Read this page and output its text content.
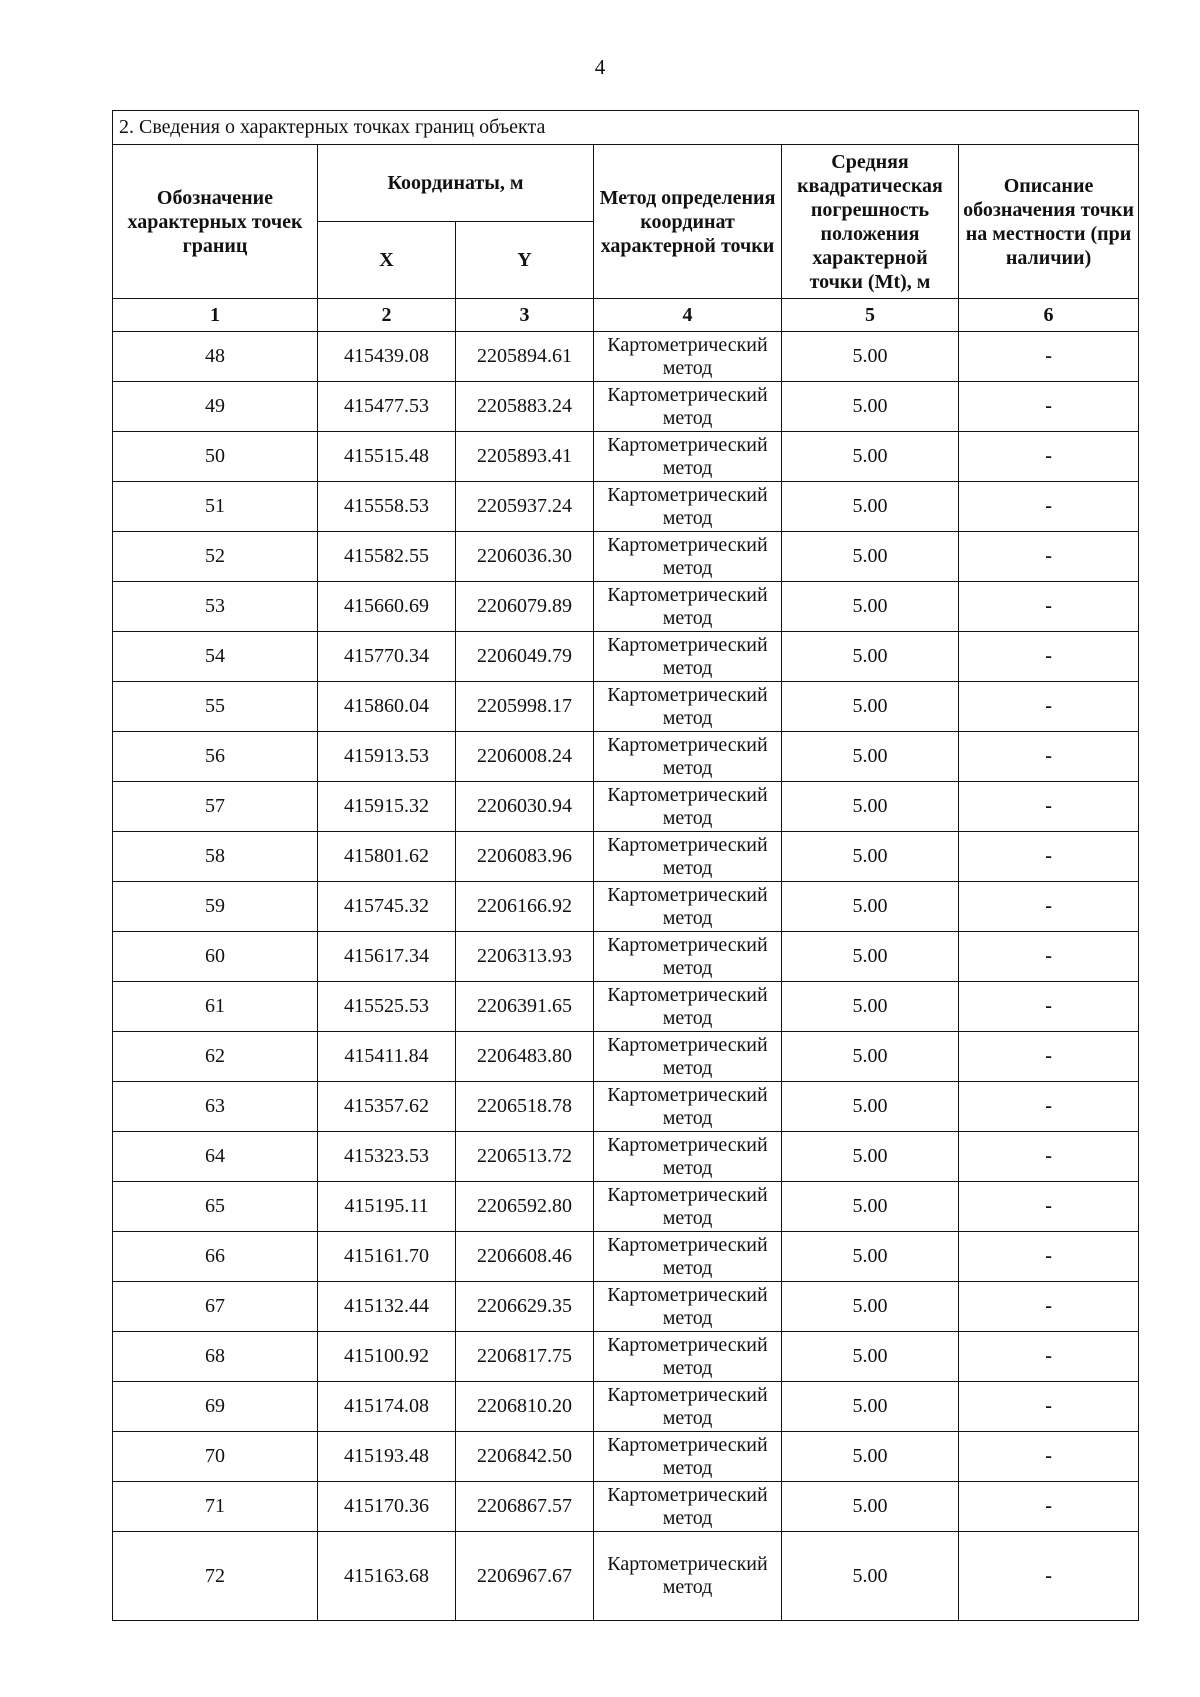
4
2. Сведения о характерных точках границ объекта					
Обозначение характерных точек границ	Координаты, м		Метод определения координат характерной точки	Средняя квадратическая погрешность положения характерной точки (Mt), м	Описание обозначения точки на местности (при наличии)
	X	Y			
1	2	3	4	5	6
48	415439.08	2205894.61	Картометрический метод	5.00	-
49	415477.53	2205883.24	Картометрический метод	5.00	-
50	415515.48	2205893.41	Картометрический метод	5.00	-
51	415558.53	2205937.24	Картометрический метод	5.00	-
52	415582.55	2206036.30	Картометрический метод	5.00	-
53	415660.69	2206079.89	Картометрический метод	5.00	-
54	415770.34	2206049.79	Картометрический метод	5.00	-
55	415860.04	2205998.17	Картометрический метод	5.00	-
56	415913.53	2206008.24	Картометрический метод	5.00	-
57	415915.32	2206030.94	Картометрический метод	5.00	-
58	415801.62	2206083.96	Картометрический метод	5.00	-
59	415745.32	2206166.92	Картометрический метод	5.00	-
60	415617.34	2206313.93	Картометрический метод	5.00	-
61	415525.53	2206391.65	Картометрический метод	5.00	-
62	415411.84	2206483.80	Картометрический метод	5.00	-
63	415357.62	2206518.78	Картометрический метод	5.00	-
64	415323.53	2206513.72	Картометрический метод	5.00	-
65	415195.11	2206592.80	Картометрический метод	5.00	-
66	415161.70	2206608.46	Картометрический метод	5.00	-
67	415132.44	2206629.35	Картометрический метод	5.00	-
68	415100.92	2206817.75	Картометрический метод	5.00	-
69	415174.08	2206810.20	Картометрический метод	5.00	-
70	415193.48	2206842.50	Картометрический метод	5.00	-
71	415170.36	2206867.57	Картометрический метод	5.00	-
72	415163.68	2206967.67	Картометрический метод	5.00	-
